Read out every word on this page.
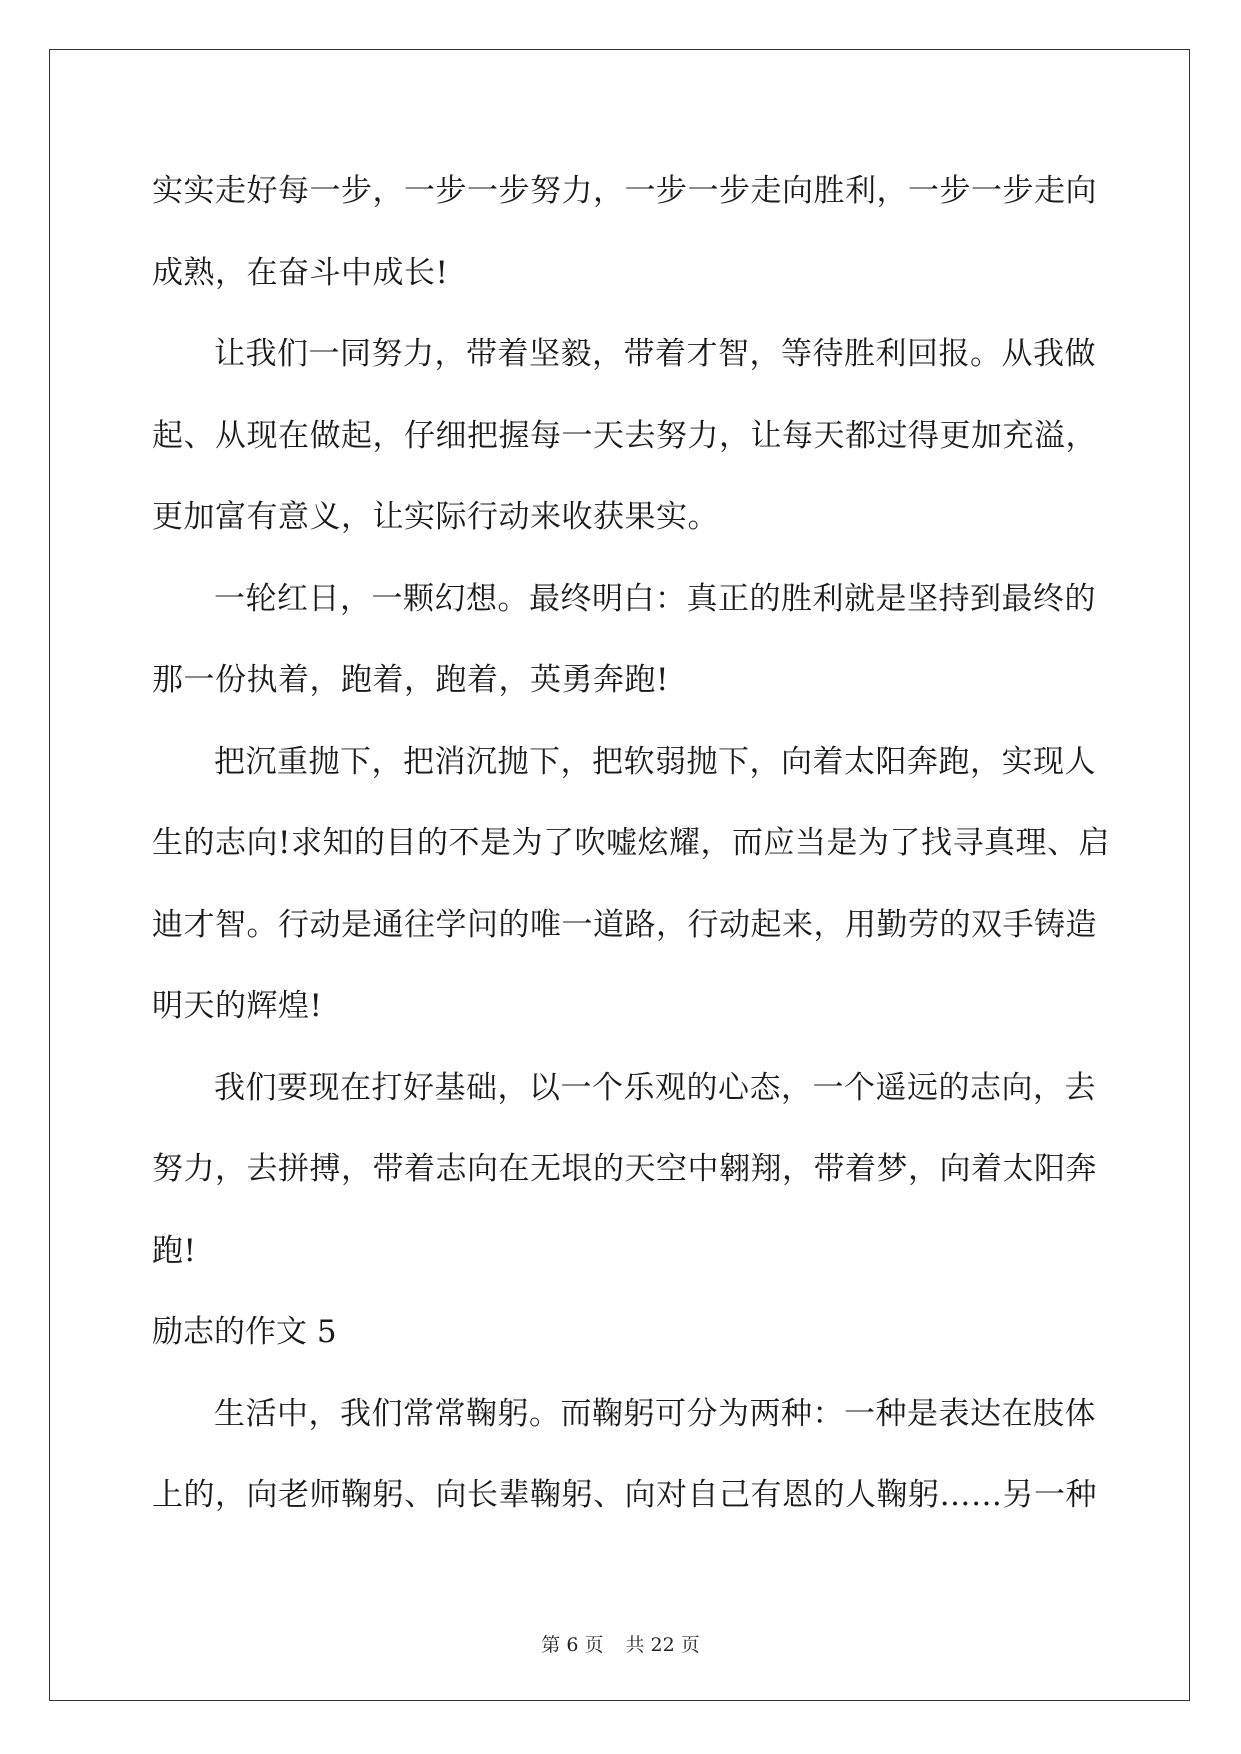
实实走好每一步，一步一步努力，一步一步走向胜利，一步一步走向
成熟，在奋斗中成长!
让我们一同努力，带着坚毅，带着才智，等待胜利回报。从我做
起、从现在做起，仔细把握每一天去努力，让每天都过得更加充溢，
更加富有意义，让实际行动来收获果实。
一轮红日，一颗幻想。最终明白：真正的胜利就是坚持到最终的
那一份执着，跑着，跑着，英勇奔跑!
把沉重抛下，把消沉抛下，把软弱抛下，向着太阳奔跑，实现人
生的志向!求知的目的不是为了吹嘘炫耀，而应当是为了找寻真理、启
迪才智。行动是通往学问的唯一道路，行动起来，用勤劳的双手铸造
明天的辉煌!
我们要现在打好基础，以一个乐观的心态，一个遥远的志向，去
努力，去拼搏，带着志向在无垠的天空中翱翔，带着梦，向着太阳奔
跑!
励志的作文 5
生活中，我们常常鞠躬。而鞠躬可分为两种：一种是表达在肢体
上的，向老师鞠躬、向长辈鞠躬、向对自己有恩的人鞠躬……另一种
第 6 页 共 22 页
